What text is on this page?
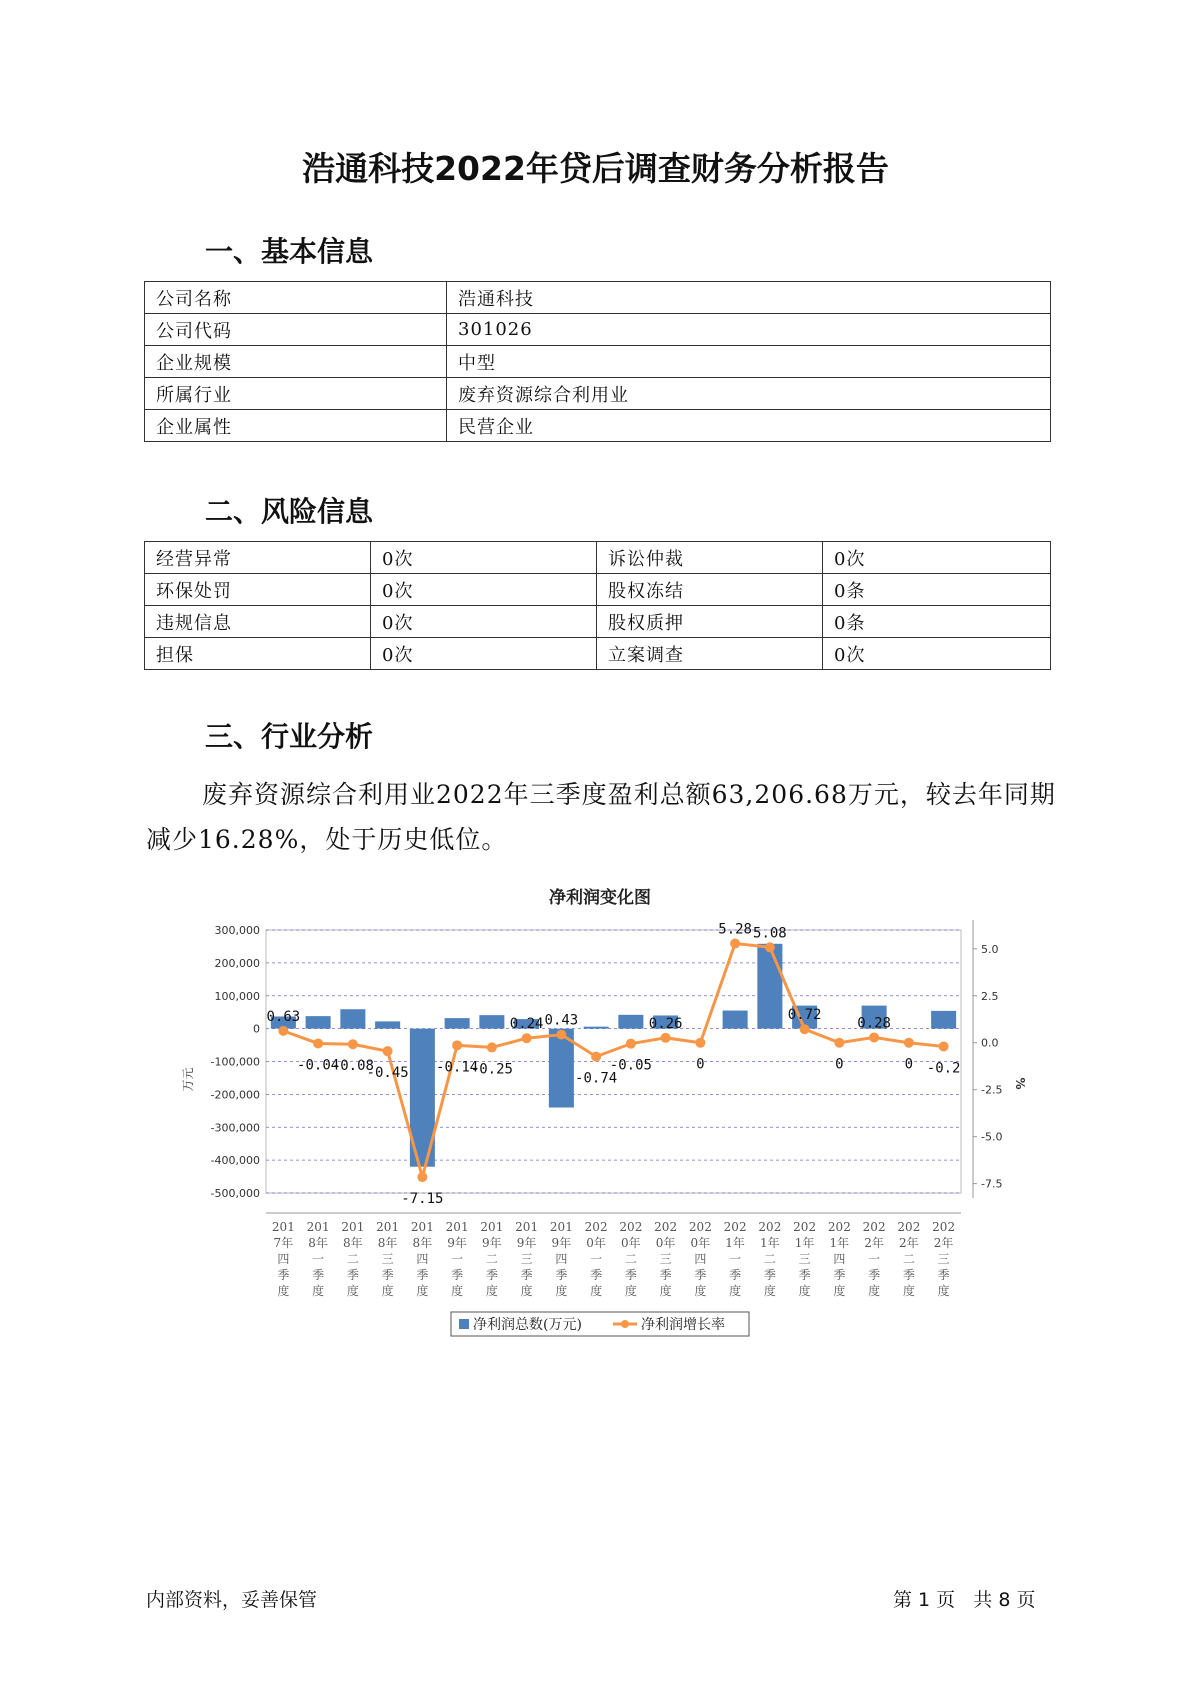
浩通科技2022年贷后调查财务分析报告
一、基本信息
公司名称	浩通科技
公司代码	301026
企业规模	中型
所属行业	废弃资源综合利用业
企业属性	民营企业
二、风险信息
经营异常	0次	诉讼仲裁	0次
环保处罚	0次	股权冻结	0条
违规信息	0次	股权质押	0条
担保	0次	立案调查	0次
三、行业分析
废弃资源综合利用业2022年三季度盈利总额63,206.68万元，较去年同期减少16.28%，处于历史低位。
净利润变化图
300,000
200,000
100,000
0
-100,000
-200,000
-300,000
-400,000
-500,000
5.0
2.5
0.0
-2.5
-5.0
-7.5
万元	%
0.63
-0.04
-0.08
-0.45
-7.15
-0.14
-0.25
0.24 0.43
-0.74
-0.05
0.26
0
5.28 5.08
0.72
0
0.28
0 -0.2
201 7年四季度
201 8年一季度
201 8年二季度
201 8年三季度
201 8年四季度
201 9年一季度
201 9年二季度
201 9年三季度
201 9年四季度
202 0年一季度
202 0年二季度
202 0年三季度
202 0年四季度
202 1年一季度
202 1年二季度
202 1年三季度
202 1年四季度
202 2年一季度
202 2年二季度
202 2年三季度
净利润总数(万元)	净利润增长率
内部资料，妥善保管	第 1 页   共 8 页
